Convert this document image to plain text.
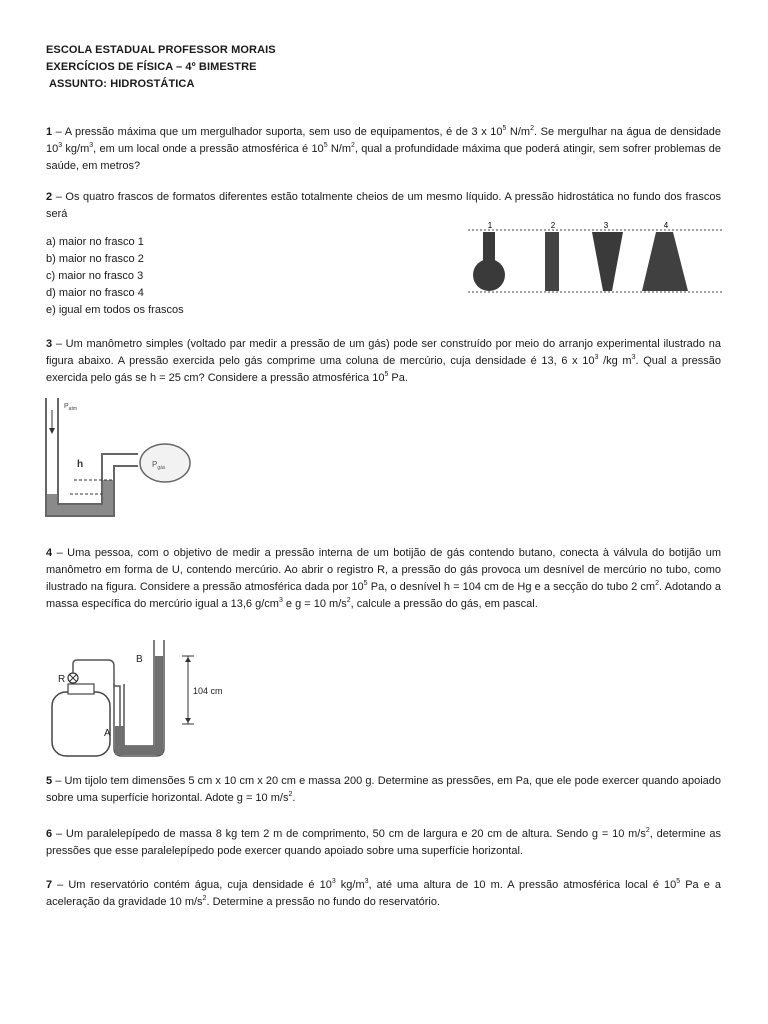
ESCOLA ESTADUAL PROFESSOR MORAIS
EXERCÍCIOS DE FÍSICA – 4º BIMESTRE
ASSUNTO: HIDROSTÁTICA
1 – A pressão máxima que um mergulhador suporta, sem uso de equipamentos, é de 3 x $10^5$ $N/m^2$. Se mergulhar na água de densidade $10^3$ $kg/m^3$, em um local onde a pressão atmosférica é $10^5$ $N/m^2$, qual a profundidade máxima que poderá atingir, sem sofrer problemas de saúde, em metros?
2 – Os quatro frascos de formatos diferentes estão totalmente cheios de um mesmo líquido. A pressão hidrostática no fundo dos frascos será
a) maior no frasco 1
b) maior no frasco 2
c) maior no frasco 3
d) maior no frasco 4
e) igual em todos os frascos
1	2	3	4
3 – Um manômetro simples (voltado par medir a pressão de um gás) pode ser construído por meio do arranjo experimental ilustrado na figura abaixo. A pressão exercida pelo gás comprime uma coluna de mercúrio, cuja densidade é 13, 6 x $10^3$ /kg $m^3$. Qual a pressão exercida pelo gás se h = 25 cm? Considere a pressão atmosférica $10^5$ Pa.
$P_{atm}$
h	$P_{gás}$
4 – Uma pessoa, com o objetivo de medir a pressão interna de um botijão de gás contendo butano, conecta à válvula do botijão um manômetro em forma de U, contendo mercúrio. Ao abrir o registro R, a pressão do gás provoca um desnível de mercúrio no tubo, como ilustrado na figura. Considere a pressão atmosférica dada por $10^5$ Pa, o desnível h = 104 cm de Hg e a secção do tubo 2 $cm^2$. Adotando a massa específica do mercúrio igual a 13,6 $g/cm^3$ e g = 10 $m/s^2$, calcule a pressão do gás, em pascal.
R
A
B
104 cm
5 – Um tijolo tem dimensões 5 cm x 10 cm x 20 cm e massa 200 g. Determine as pressões, em Pa, que ele pode exercer quando apoiado sobre uma superfície horizontal. Adote g = 10 $m/s^2$.
6 – Um paralelepípedo de massa 8 kg tem 2 m de comprimento, 50 cm de largura e 20 cm de altura. Sendo g = 10 $m/s^2$, determine as pressões que esse paralelepípedo pode exercer quando apoiado sobre uma superfície horizontal.
7 – Um reservatório contém água, cuja densidade é $10^3$ $kg/m^3$, até uma altura de 10 m. A pressão atmosférica local é $10^5$ Pa e a aceleração da gravidade 10 $m/s^2$. Determine a pressão no fundo do reservatório.
